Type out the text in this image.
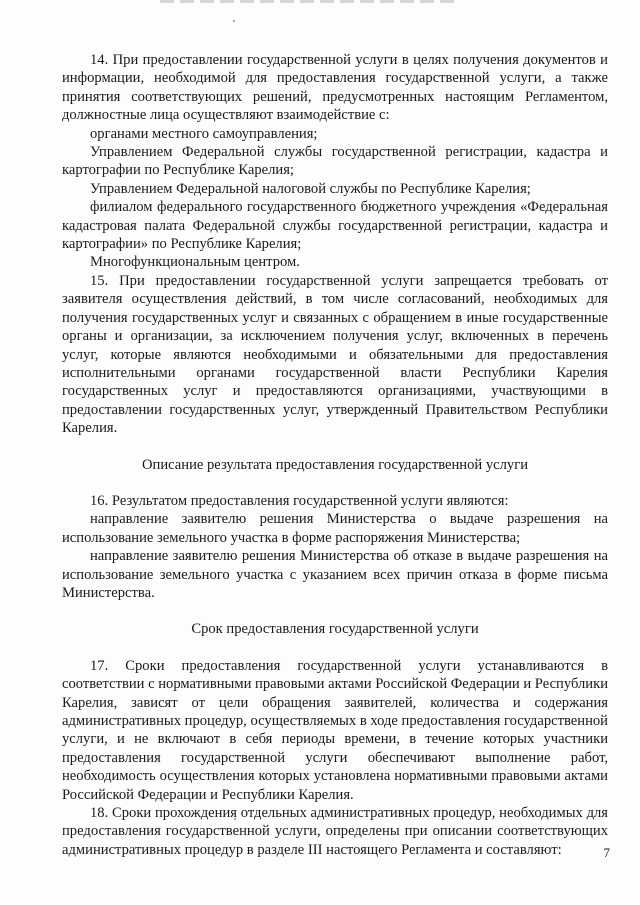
14. При предоставлении государственной услуги в целях получения документов и информации, необходимой для предоставления государственной услуги, а также принятия соответствующих решений, предусмотренных настоящим Регламентом, должностные лица осуществляют взаимодействие с:

органами местного самоуправления;

Управлением Федеральной службы государственной регистрации, кадастра и картографии по Республике Карелия;

Управлением Федеральной налоговой службы по Республике Карелия;

филиалом федерального государственного бюджетного учреждения «Федеральная кадастровая палата Федеральной службы государственной регистрации, кадастра и картографии» по Республике Карелия;

Многофункциональным центром.

15. При предоставлении государственной услуги запрещается требовать от заявителя осуществления действий, в том числе согласований, необходимых для получения государственных услуг и связанных с обращением в иные государственные органы и организации, за исключением получения услуг, включенных в перечень услуг, которые являются необходимыми и обязательными для предоставления исполнительными органами государственной власти Республики Карелия государственных услуг и предоставляются организациями, участвующими в предоставлении государственных услуг, утвержденный Правительством Республики Карелия.

Описание результата предоставления государственной услуги

16. Результатом предоставления государственной услуги являются:

направление заявителю решения Министерства о выдаче разрешения на использование земельного участка в форме распоряжения Министерства;

направление заявителю решения Министерства об отказе в выдаче разрешения на использование земельного участка с указанием всех причин отказа в форме письма Министерства.

Срок предоставления государственной услуги

17. Сроки предоставления государственной услуги устанавливаются в соответствии с нормативными правовыми актами Российской Федерации и Республики Карелия, зависят от цели обращения заявителей, количества и содержания административных процедур, осуществляемых в ходе предоставления государственной услуги, и не включают в себя периоды времени, в течение которых участники предоставления государственной услуги обеспечивают выполнение работ, необходимость осуществления которых установлена нормативными правовыми актами Российской Федерации и Республики Карелия.

18. Сроки прохождения отдельных административных процедур, необходимых для предоставления государственной услуги, определены при описании соответствующих административных процедур в разделе III настоящего Регламента и составляют:	7
